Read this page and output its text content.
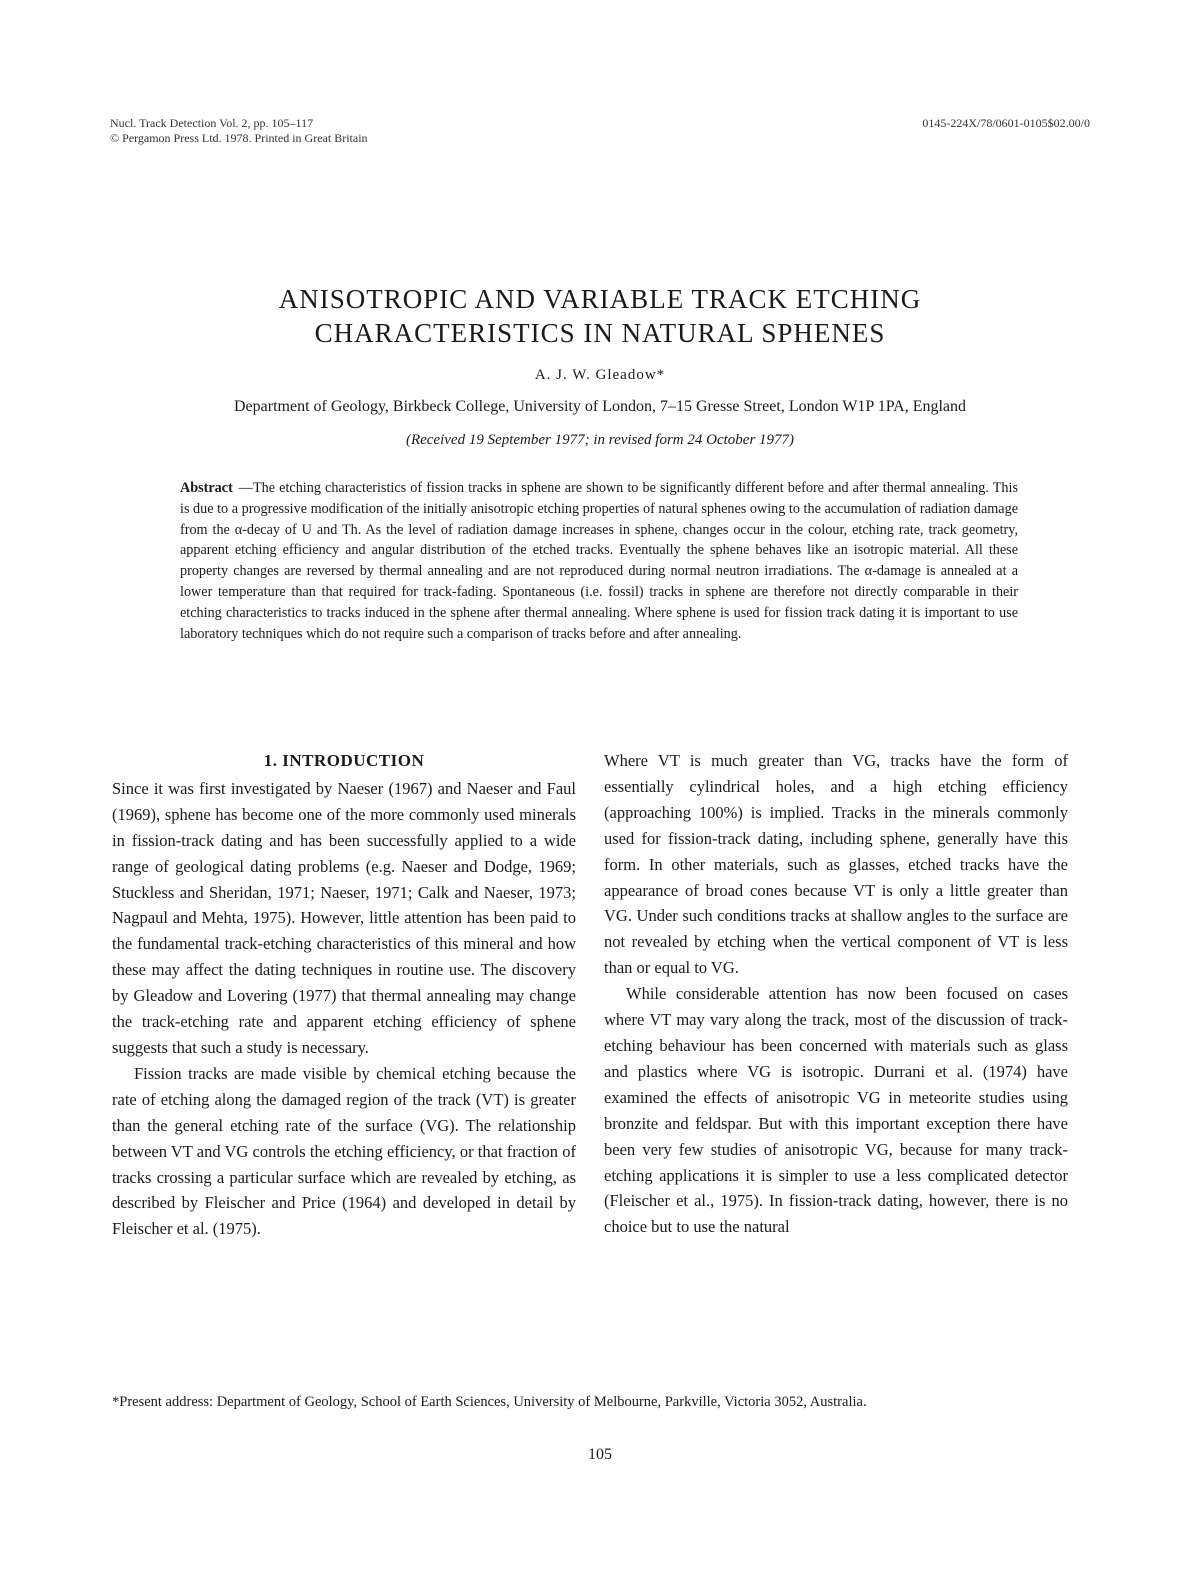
Nucl. Track Detection Vol. 2, pp. 105–117
© Pergamon Press Ltd. 1978. Printed in Great Britain
0145-224X/78/0601-0105$02.00/0
ANISOTROPIC AND VARIABLE TRACK ETCHING
CHARACTERISTICS IN NATURAL SPHENES
A. J. W. Gleadow*
Department of Geology, Birkbeck College, University of London, 7–15 Gresse Street, London W1P 1PA, England
(Received 19 September 1977; in revised form 24 October 1977)
Abstract —The etching characteristics of fission tracks in sphene are shown to be significantly different before and after thermal annealing. This is due to a progressive modification of the initially anisotropic etching properties of natural sphenes owing to the accumulation of radiation damage from the α-decay of U and Th. As the level of radiation damage increases in sphene, changes occur in the colour, etching rate, track geometry, apparent etching efficiency and angular distribution of the etched tracks. Eventually the sphene behaves like an isotropic material. All these property changes are reversed by thermal annealing and are not reproduced during normal neutron irradiations. The α-damage is annealed at a lower temperature than that required for track-fading. Spontaneous (i.e. fossil) tracks in sphene are therefore not directly comparable in their etching characteristics to tracks induced in the sphene after thermal annealing. Where sphene is used for fission track dating it is important to use laboratory techniques which do not require such a comparison of tracks before and after annealing.
1. INTRODUCTION

Since it was first investigated by Naeser (1967) and Naeser and Faul (1969), sphene has become one of the more commonly used minerals in fission-track dating and has been successfully applied to a wide range of geological dating problems (e.g. Naeser and Dodge, 1969; Stuckless and Sheridan, 1971; Naeser, 1971; Calk and Naeser, 1973; Nagpaul and Mehta, 1975). However, little attention has been paid to the fundamental track-etching characteristics of this mineral and how these may affect the dating techniques in routine use. The discovery by Gleadow and Lovering (1977) that thermal annealing may change the track-etching rate and apparent etching efficiency of sphene suggests that such a study is necessary.

Fission tracks are made visible by chemical etching because the rate of etching along the damaged region of the track (VT) is greater than the general etching rate of the surface (VG). The relationship between VT and VG controls the etching efficiency, or that fraction of tracks crossing a particular surface which are revealed by etching, as described by Fleischer and Price (1964) and developed in detail by Fleischer et al. (1975).

Where VT is much greater than VG, tracks have the form of essentially cylindrical holes, and a high etching efficiency (approaching 100%) is implied. Tracks in the minerals commonly used for fission-track dating, including sphene, generally have this form. In other materials, such as glasses, etched tracks have the appearance of broad cones because VT is only a little greater than VG. Under such conditions tracks at shallow angles to the surface are not revealed by etching when the vertical component of VT is less than or equal to VG.

While considerable attention has now been focused on cases where VT may vary along the track, most of the discussion of track-etching behaviour has been concerned with materials such as glass and plastics where VG is isotropic. Durrani et al. (1974) have examined the effects of anisotropic VG in meteorite studies using bronzite and feldspar. But with this important exception there have been very few studies of anisotropic VG, because for many track-etching applications it is simpler to use a less complicated detector (Fleischer et al., 1975). In fission-track dating, however, there is no choice but to use the natural

*Present address: Department of Geology, School of Earth Sciences, University of Melbourne, Parkville, Victoria 3052, Australia.
105
